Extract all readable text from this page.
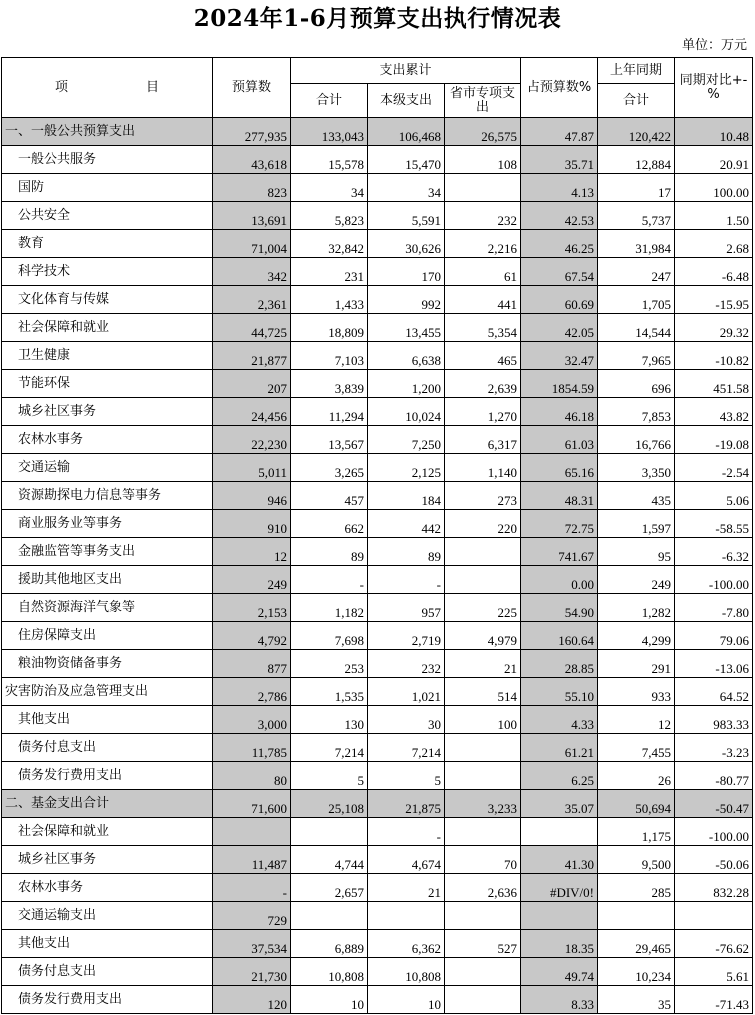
2024年1-6月预算支出执行情况表
单位：万元
项　　　　　　目	预算数	支出累计			占预算数%	上年同期	同期对比+-%
		合计	本级支出	省市专项支出		合计	
一、一般公共预算支出	277,935	133,043	106,468	26,575	47.87	120,422	10.48
　一般公共服务	43,618	15,578	15,470	108	35.71	12,884	20.91
　国防	823	34	34		4.13	17	100.00
　公共安全	13,691	5,823	5,591	232	42.53	5,737	1.50
　教育	71,004	32,842	30,626	2,216	46.25	31,984	2.68
　科学技术	342	231	170	61	67.54	247	-6.48
　文化体育与传媒	2,361	1,433	992	441	60.69	1,705	-15.95
　社会保障和就业	44,725	18,809	13,455	5,354	42.05	14,544	29.32
　卫生健康	21,877	7,103	6,638	465	32.47	7,965	-10.82
　节能环保	207	3,839	1,200	2,639	1854.59	696	451.58
　城乡社区事务	24,456	11,294	10,024	1,270	46.18	7,853	43.82
　农林水事务	22,230	13,567	7,250	6,317	61.03	16,766	-19.08
　交通运输	5,011	3,265	2,125	1,140	65.16	3,350	-2.54
　资源勘探电力信息等事务	946	457	184	273	48.31	435	5.06
　商业服务业等事务	910	662	442	220	72.75	1,597	-58.55
　金融监管等事务支出	12	89	89		741.67	95	-6.32
　援助其他地区支出	249	-	-		0.00	249	-100.00
　自然资源海洋气象等	2,153	1,182	957	225	54.90	1,282	-7.80
　住房保障支出	4,792	7,698	2,719	4,979	160.64	4,299	79.06
　粮油物资储备事务	877	253	232	21	28.85	291	-13.06
灾害防治及应急管理支出	2,786	1,535	1,021	514	55.10	933	64.52
　其他支出	3,000	130	30	100	4.33	12	983.33
　债务付息支出	11,785	7,214	7,214		61.21	7,455	-3.23
　债务发行费用支出	80	5	5		6.25	26	-80.77
二、基金支出合计	71,600	25,108	21,875	3,233	35.07	50,694	-50.47
　社会保障和就业			-			1,175	-100.00
　城乡社区事务	11,487	4,744	4,674	70	41.30	9,500	-50.06
　农林水事务	-	2,657	21	2,636	#DIV/0!	285	832.28
　交通运输支出	729						
　其他支出	37,534	6,889	6,362	527	18.35	29,465	-76.62
　债务付息支出	21,730	10,808	10,808		49.74	10,234	5.61
　债务发行费用支出	120	10	10		8.33	35	-71.43
